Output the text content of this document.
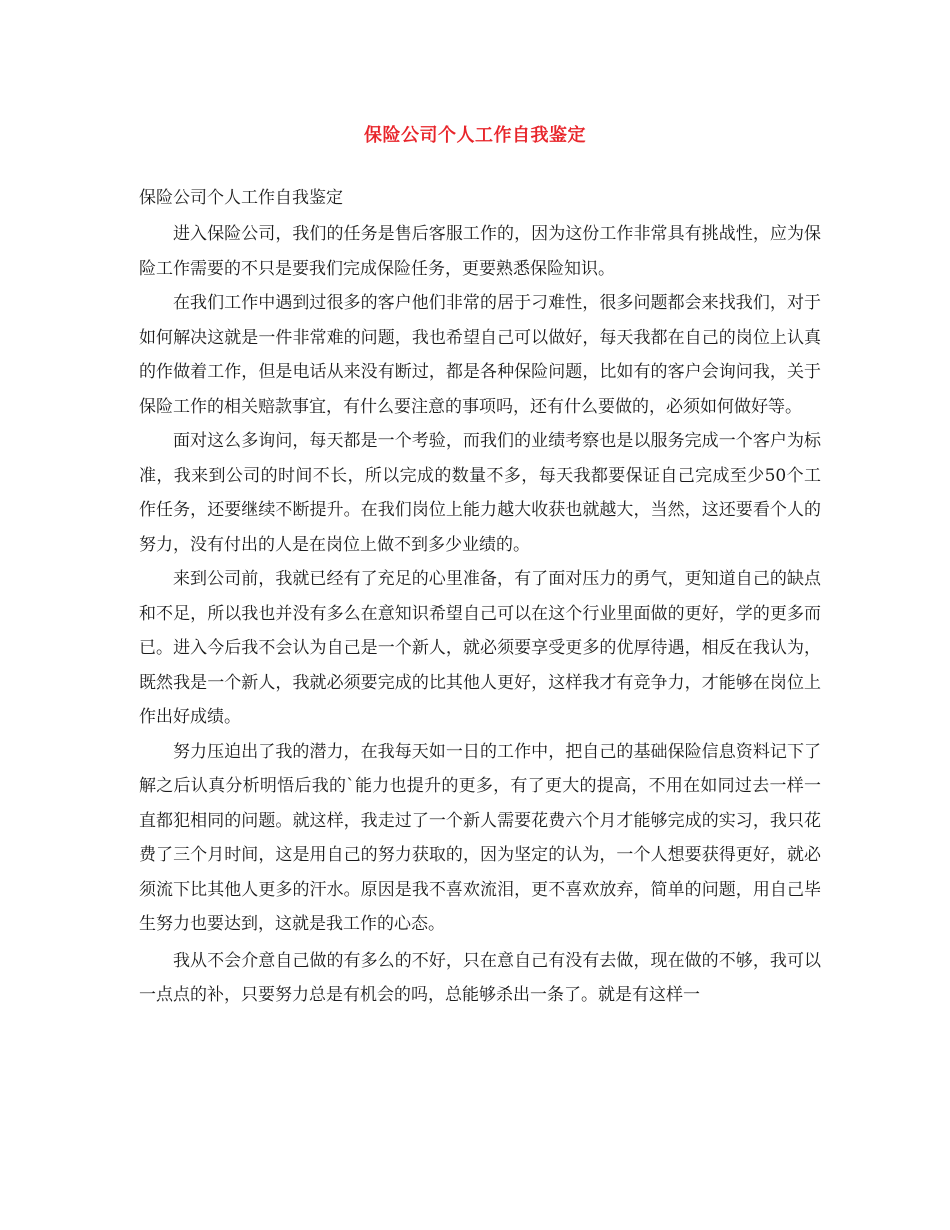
保险公司个人工作自我鉴定
保险公司个人工作自我鉴定

进入保险公司，我们的任务是售后客服工作的，因为这份工作非常具有挑战性，应为保险工作需要的不只是要我们完成保险任务，更要熟悉保险知识。

在我们工作中遇到过很多的客户他们非常的居于刁难性，很多问题都会来找我们，对于如何解决这就是一件非常难的问题，我也希望自己可以做好，每天我都在自己的岗位上认真的作做着工作，但是电话从来没有断过，都是各种保险问题，比如有的客户会询问我，关于保险工作的相关赔款事宜，有什么要注意的事项吗，还有什么要做的，必须如何做好等。

面对这么多询问，每天都是一个考验，而我们的业绩考察也是以服务完成一个客户为标准，我来到公司的时间不长，所以完成的数量不多，每天我都要保证自己完成至少50个工作任务，还要继续不断提升。在我们岗位上能力越大收获也就越大，当然，这还要看个人的努力，没有付出的人是在岗位上做不到多少业绩的。

来到公司前，我就已经有了充足的心里准备，有了面对压力的勇气，更知道自己的缺点和不足，所以我也并没有多么在意知识希望自己可以在这个行业里面做的更好，学的更多而已。进入今后我不会认为自己是一个新人，就必须要享受更多的优厚待遇，相反在我认为，既然我是一个新人，我就必须要完成的比其他人更好，这样我才有竞争力，才能够在岗位上作出好成绩。

努力压迫出了我的潜力，在我每天如一日的工作中，把自己的基础保险信息资料记下了解之后认真分析明悟后我的`能力也提升的更多，有了更大的提高，不用在如同过去一样一直都犯相同的问题。就这样，我走过了一个新人需要花费六个月才能够完成的实习，我只花费了三个月时间，这是用自己的努力获取的，因为坚定的认为，一个人想要获得更好，就必须流下比其他人更多的汗水。原因是我不喜欢流泪，更不喜欢放弃，简单的问题，用自己毕生努力也要达到，这就是我工作的心态。

我从不会介意自己做的有多么的不好，只在意自己有没有去做，现在做的不够，我可以一点点的补，只要努力总是有机会的吗，总能够杀出一条了。就是有这样一
